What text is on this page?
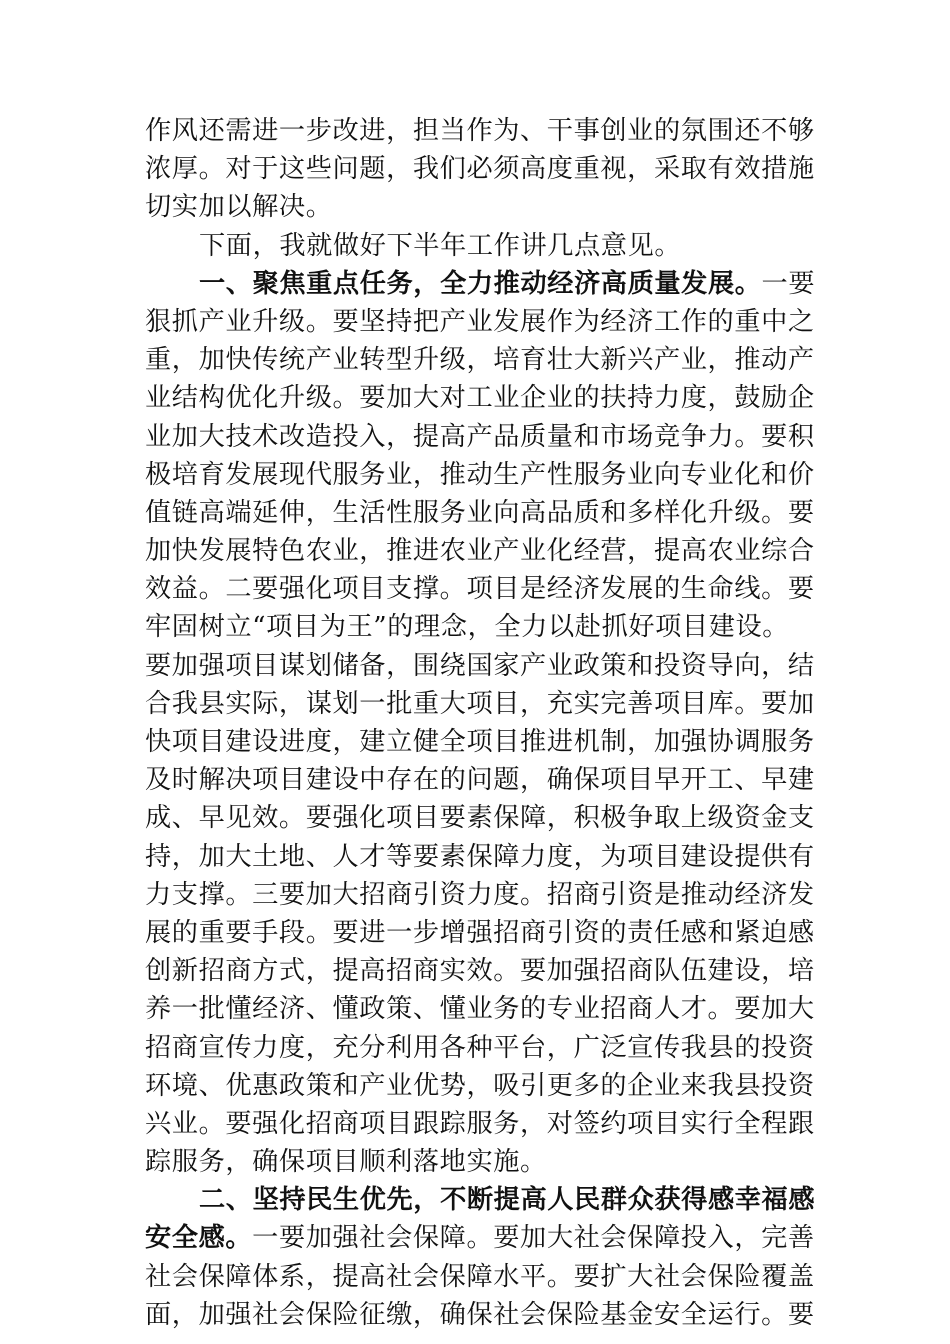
作风还需进一步改进，担当作为、干事创业的氛围还不够
浓厚。对于这些问题，我们必须高度重视，采取有效措施
切实加以解决。
下面，我就做好下半年工作讲几点意见。
一、聚焦重点任务，全力推动经济高质量发展。一要
狠抓产业升级。要坚持把产业发展作为经济工作的重中之
重，加快传统产业转型升级，培育壮大新兴产业，推动产
业结构优化升级。要加大对工业企业的扶持力度，鼓励企
业加大技术改造投入，提高产品质量和市场竞争力。要积
极培育发展现代服务业，推动生产性服务业向专业化和价
值链高端延伸，生活性服务业向高品质和多样化升级。要
加快发展特色农业，推进农业产业化经营，提高农业综合
效益。二要强化项目支撑。项目是经济发展的生命线。要
牢固树立“项目为王”的理念，全力以赴抓好项目建设。
要加强项目谋划储备，围绕国家产业政策和投资导向，结
合我县实际，谋划一批重大项目，充实完善项目库。要加
快项目建设进度，建立健全项目推进机制，加强协调服务
及时解决项目建设中存在的问题，确保项目早开工、早建
成、早见效。要强化项目要素保障，积极争取上级资金支
持，加大土地、人才等要素保障力度，为项目建设提供有
力支撑。三要加大招商引资力度。招商引资是推动经济发
展的重要手段。要进一步增强招商引资的责任感和紧迫感
创新招商方式，提高招商实效。要加强招商队伍建设，培
养一批懂经济、懂政策、懂业务的专业招商人才。要加大
招商宣传力度，充分利用各种平台，广泛宣传我县的投资
环境、优惠政策和产业优势，吸引更多的企业来我县投资
兴业。要强化招商项目跟踪服务，对签约项目实行全程跟
踪服务，确保项目顺利落地实施。
二、坚持民生优先，不断提高人民群众获得感幸福感
安全感。一要加强社会保障。要加大社会保障投入，完善
社会保障体系，提高社会保障水平。要扩大社会保险覆盖
面，加强社会保险征缴，确保社会保险基金安全运行。要
